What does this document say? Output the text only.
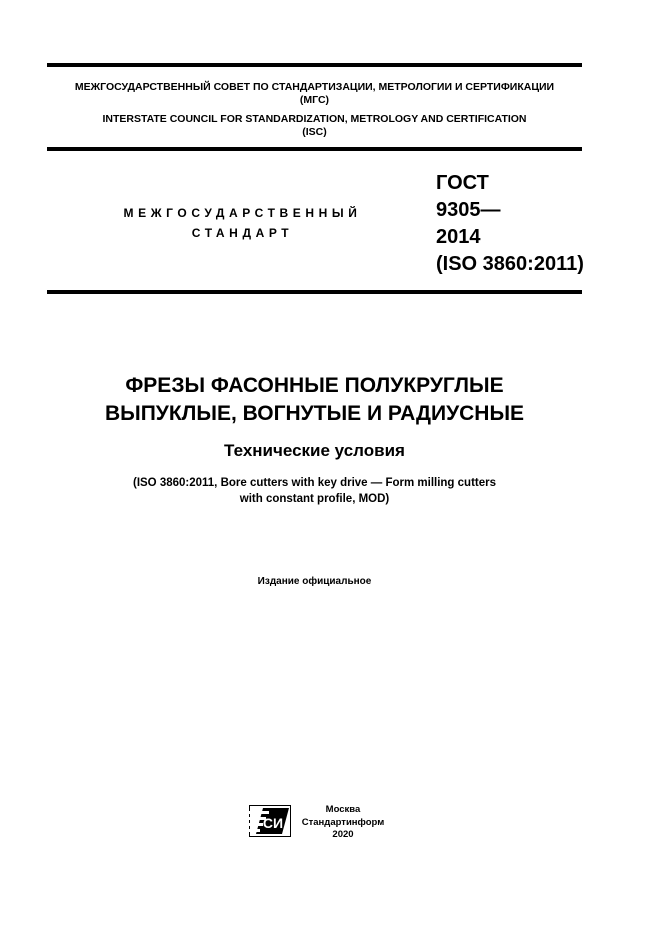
МЕЖГОСУДАРСТВЕННЫЙ СОВЕТ ПО СТАНДАРТИЗАЦИИ, МЕТРОЛОГИИ И СЕРТИФИКАЦИИ
(МГС)
INTERSTATE COUNCIL FOR STANDARDIZATION, METROLOGY AND CERTIFICATION
(ISC)
МЕЖГОСУДАРСТВЕННЫЙ
СТАНДАРТ
ГОСТ
9305—
2014
(ISO 3860:2011)
ФРЕЗЫ ФАСОННЫЕ ПОЛУКРУГЛЫЕ
ВЫПУКЛЫЕ, ВОГНУТЫЕ И РАДИУСНЫЕ
Технические условия
(ISO 3860:2011, Bore cutters with key drive — Form milling cutters
with constant profile, MOD)
Издание официальное
СИ
Москва
Стандартинформ
2020
